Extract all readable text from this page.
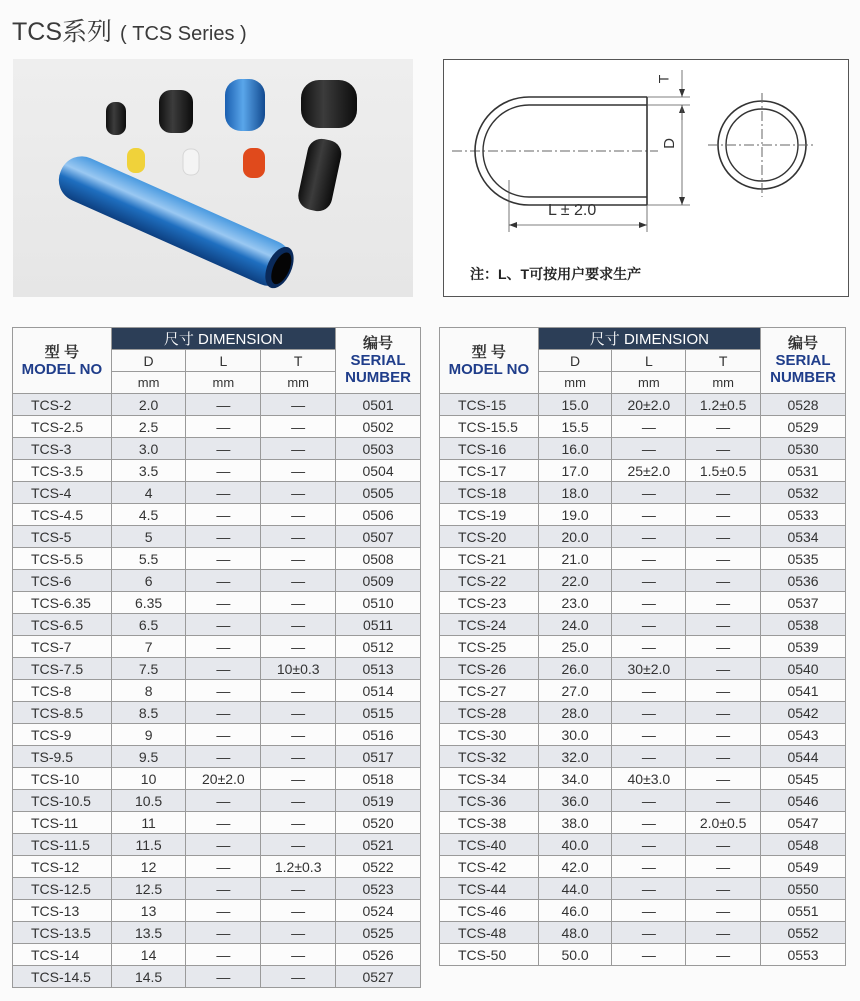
TCS系列 ( TCS Series )
T
D
L ± 2.0
注：L、T可按用户要求生产
型 号
MODEL NO	尺寸 DIMENSION			编号
SERIAL
NUMBER

	D	L	T	
	mm	mm	mm	
TCS-2	2.0	—	—	0501
TCS-2.5	2.5	—	—	0502
TCS-3	3.0	—	—	0503
TCS-3.5	3.5	—	—	0504
TCS-4	4	—	—	0505
TCS-4.5	4.5	—	—	0506
TCS-5	5	—	—	0507
TCS-5.5	5.5	—	—	0508
TCS-6	6	—	—	0509
TCS-6.35	6.35	—	—	0510
TCS-6.5	6.5	—	—	0511
TCS-7	7	—	—	0512
TCS-7.5	7.5	—	10±0.3	0513
TCS-8	8	—	—	0514
TCS-8.5	8.5	—	—	0515
TCS-9	9	—	—	0516
TS-9.5	9.5	—	—	0517
TCS-10	10	20±2.0	—	0518
TCS-10.5	10.5	—	—	0519
TCS-11	11	—	—	0520
TCS-11.5	11.5	—	—	0521
TCS-12	12	—	1.2±0.3	0522
TCS-12.5	12.5	—	—	0523
TCS-13	13	—	—	0524
TCS-13.5	13.5	—	—	0525
TCS-14	14	—	—	0526
TCS-14.5	14.5	—	—	0527
型 号
MODEL NO	尺寸 DIMENSION			编号
SERIAL
NUMBER

	D	L	T	
	mm	mm	mm	
TCS-15	15.0	20±2.0	1.2±0.5	0528
TCS-15.5	15.5	—	—	0529
TCS-16	16.0	—	—	0530
TCS-17	17.0	25±2.0	1.5±0.5	0531
TCS-18	18.0	—	—	0532
TCS-19	19.0	—	—	0533
TCS-20	20.0	—	—	0534
TCS-21	21.0	—	—	0535
TCS-22	22.0	—	—	0536
TCS-23	23.0	—	—	0537
TCS-24	24.0	—	—	0538
TCS-25	25.0	—	—	0539
TCS-26	26.0	30±2.0	—	0540
TCS-27	27.0	—	—	0541
TCS-28	28.0	—	—	0542
TCS-30	30.0	—	—	0543
TCS-32	32.0	—	—	0544
TCS-34	34.0	40±3.0	—	0545
TCS-36	36.0	—	—	0546
TCS-38	38.0	—	2.0±0.5	0547
TCS-40	40.0	—	—	0548
TCS-42	42.0	—	—	0549
TCS-44	44.0	—	—	0550
TCS-46	46.0	—	—	0551
TCS-48	48.0	—	—	0552
TCS-50	50.0	—	—	0553
